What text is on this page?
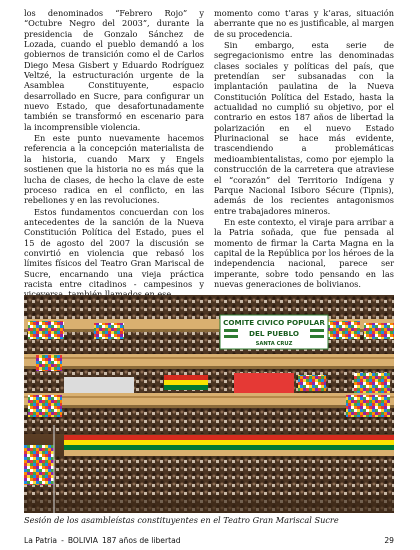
los denominados “Febrero Rojo” y “Octubre Negro del 2003”, durante la presidencia de Gonzalo Sánchez de Lozada, cuando el pueblo demandó a los gobiernos de transición como el de Carlos Diego Mesa Gisbert y Eduardo Rodríguez Veltzé, la estructuración urgente de la Asamblea Constituyente, espacio desarrollado en Sucre, para configurar un nuevo Estado, que desafortunadamente también se transformó en escenario para la incomprensible violencia.

En este punto nuevamente hacemos referencia a la concepción materialista de la historia, cuando Marx y Engels sostienen que la historia no es más que la lucha de clases, de hecho la clave de este proceso radica en el conflicto, en las rebeliones y en las revoluciones.

Estos fundamentos concuerdan con los antecedentes de la sanción de la Nueva Constitución Política del Estado, pues el 15 de agosto del 2007 la discusión se convirtió en violencia que rebasó los límites físicos del Teatro Gran Mariscal de Sucre, encarnando una vieja práctica racista entre citadinos - campesinos y

momento como t’aras y k’aras, situación aberrante que no es justificable, al margen de su procedencia.

Sin embargo, esta serie de segregacionismo entre las denominadas clases sociales y políticas del país, que pretendían ser subsanadas con la implantación paulatina de la Nueva Constitución Política del Estado, hasta la actualidad no cumplió su objetivo, por el contrario en estos 187 años de libertad la polarización en el nuevo Estado Plurinacional se hace más evidente, trascendiendo a problemáticas medioambientalistas, como por ejemplo la construcción de la carretera que atraviese el “corazón” del Territorio Indígena y Parque Nacional Isiboro Sécure (Tipnis), además de los recientes antagonismos entre trabajadores mineros.

En este contexto, el viraje para arribar a la Patria soñada, que fue pensada al momento de firmar la Carta Magna en la capital de la República por los héroes de la independencia nacional, parece ser imperante, sobre todo pensando en las nuevas generaciones de bolivianos.

COMITE CIVICO POPULAR
DEL PUEBLO
SANTA CRUZ
Sesión de los asambleístas constituyentes en el Teatro Gran Mariscal Sucre
La Patria - BOLIVIA 187 años de libertad	29
